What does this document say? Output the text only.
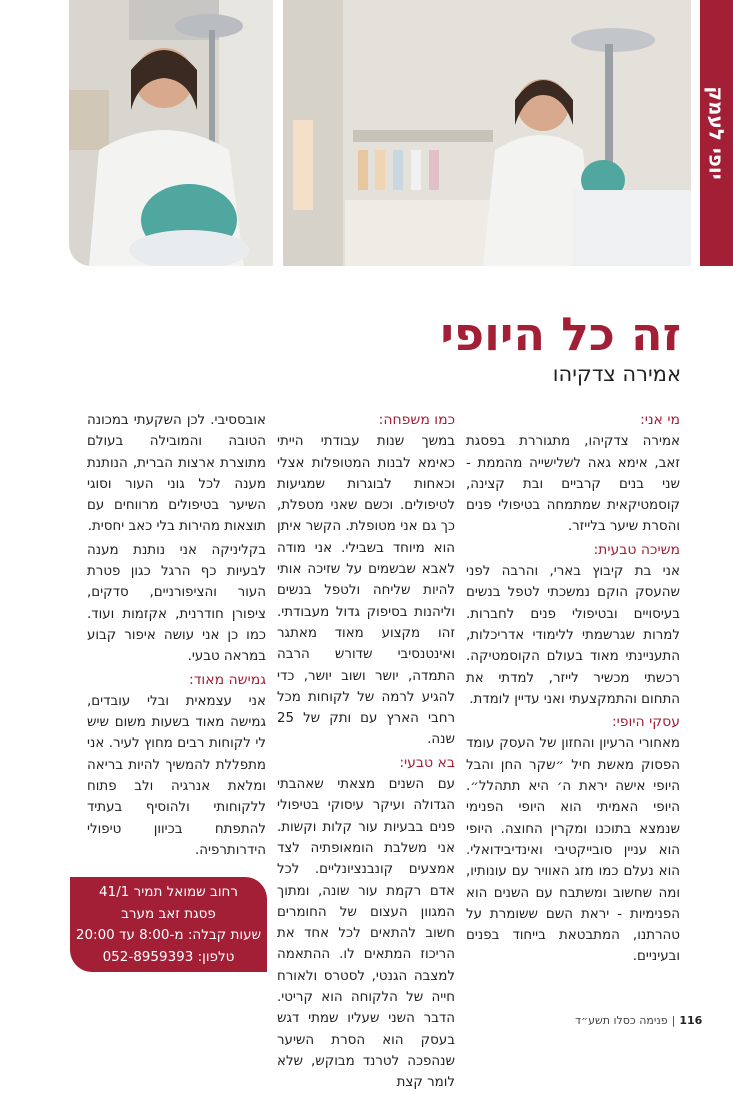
יופי לעמק
זה כל היופי

אמירה צדקיהו

מי אני:

אמירה צדקיהו, מתגוררת בפסגת זאב, אימא גאה לשלישייה מהממת - שני בנים קרביים ובת קצינה, קוסמטיקאית שמתמחה בטיפולי פנים והסרת שיער בלייזר.

משיכה טבעית:

אני בת קיבוץ בארי, והרבה לפני שהעסק הוקם נמשכתי לטפל בנשים בעיסויים ובטיפולי פנים לחברות. למרות שגרשמתי ללימודי אדריכלות, התעניינתי מאוד בעולם הקוסמטיקה. רכשתי מכשיר לייזר, למדתי את התחום והתמקצעתי ואני עדיין לומדת.

עסקי היופי:

מאחורי הרעיון והחזון של העסק עומד הפסוק מאשת חיל ״שקר החן והבל היופי אישה יראת ה׳ היא תתהלל״. היופי האמיתי הוא היופי הפנימי שנמצא בתוכנו ומקרין החוצה. היופי הוא עניין סובייקטיבי ואינדיבידואלי. הוא נעלם כמו מזג האוויר עם עונותיו, ומה שחשוב ומשתבח עם השנים הוא הפנימיות - יראת השם ששומרת על טהרתנו, המתבטאת בייחוד בפנים ובעיניים.

כמו משפחה:

במשך שנות עבודתי הייתי כאימא לבנות המטופלות אצלי וכאחות לבוגרות שמגיעות לטיפולים. וכשם שאני מטפלת, כך גם אני מטופלת. הקשר איתן הוא מיוחד בשבילי. אני מודה לאבא שבשמים על שזיכה אותי להיות שליחה ולטפל בנשים וליהנות בסיפוק גדול מעבודתי. זהו מקצוע מאוד מאתגר ואינטנסיבי שדורש הרבה התמדה, יושר ושוב יושר, כדי להגיע לרמה של לקוחות מכל רחבי הארץ עם ותק של 25 שנה.

בא טבעי:

עם השנים מצאתי שאהבתי הגדולה ועיקר עיסוקי בטיפולי פנים בבעיות עור קלות וקשות. אני משלבת הומאופתיה לצד אמצעים קונבנציונליים. לכל אדם רקמת עור שונה, ומתוך המגוון העצום של החומרים חשוב להתאים לכל אחד את הריכוז המתאים לו. ההתאמה למצבה הגנטי, לסטרס ולאורח חייה של הלקוחה הוא קריטי. הדבר השני שעליו שמתי דגש בעסק הוא הסרת השיער שנהפכה לטרנד מבוקש, שלא לומר קצת

אובססיבי. לכן השקעתי במכונה הטובה והמובילה בעולם מתוצרת ארצות הברית, הנותנת מענה לכל גוני העור וסוגי השיער בטיפולים מרווחים עם תוצאות מהירות בלי כאב יחסית.

בקליניקה אני נותנת מענה לבעיות כף הרגל כגון פטרת העור והציפורניים, סדקים, ציפורן חודרנית, אקזמות ועוד. כמו כן אני עושה איפור קבוע במראה טבעי.

גמישה מאוד:

אני עצמאית ובלי עובדים, גמישה מאוד בשעות משום שיש לי לקוחות רבים מחוץ לעיר. אני מתפללת להמשיך להיות בריאה ומלאת אנרגיה ולב פתוח ללקוחותי ולהוסיף בעתיד להתפתח בכיוון טיפולי הידרותרפיה.

רחוב שמואל תמיר 41/1
פסגת זאב מערב
שעות קבלה: מ-8:00 עד 20:00
טלפון: 052-8959393
116|פנימה כסלו תשע״ד
